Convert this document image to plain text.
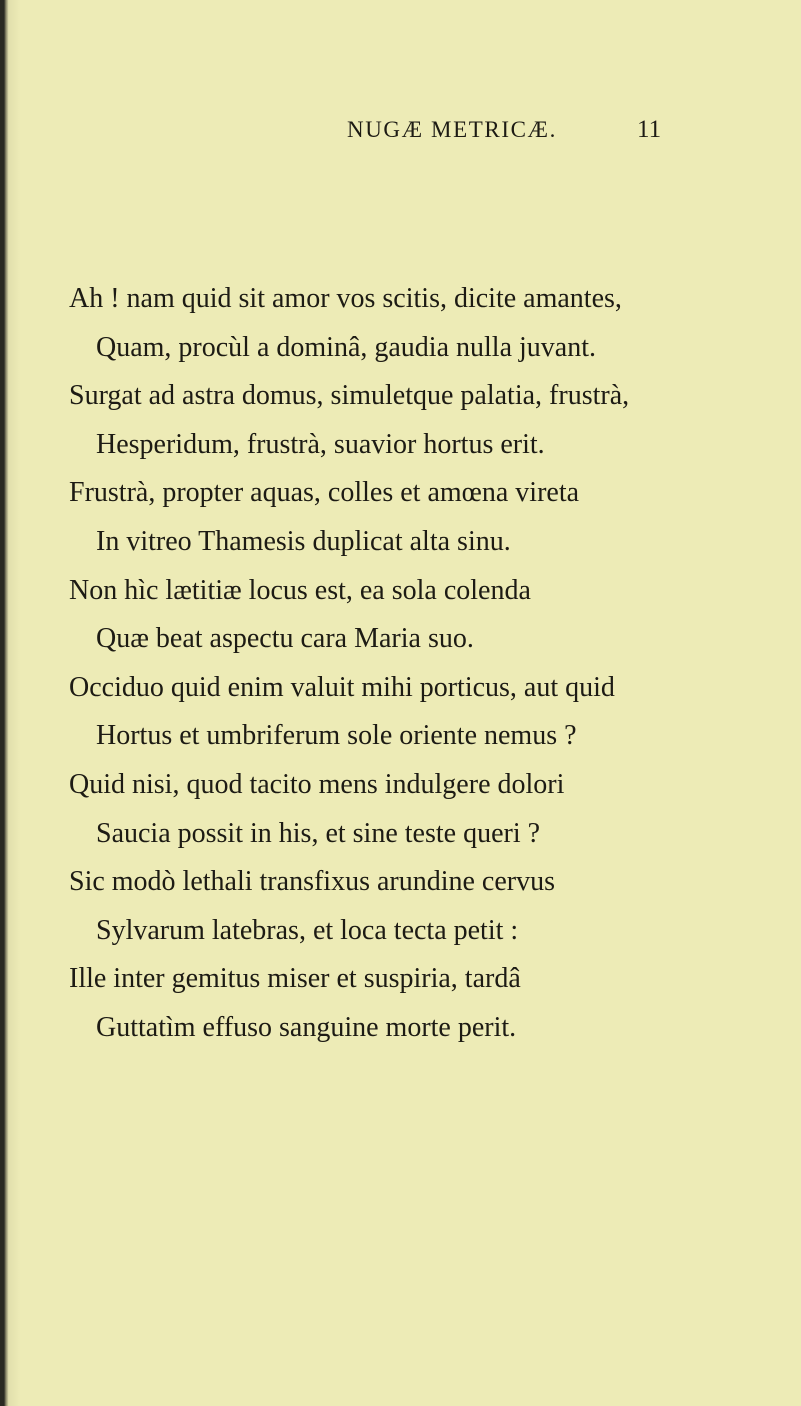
NUGÆ METRICÆ.	11
Ah ! nam quid sit amor vos scitis, dicite amantes,
Quam, procùl a dominâ, gaudia nulla juvant.
Surgat ad astra domus, simuletque palatia, frustrà,
Hesperidum, frustrà, suavior hortus erit.
Frustrà, propter aquas, colles et amœna vireta
In vitreo Thamesis duplicat alta sinu.
Non hìc lætitiæ locus est, ea sola colenda
Quæ beat aspectu cara Maria suo.
Occiduo quid enim valuit mihi porticus, aut quid
Hortus et umbriferum sole oriente nemus ?
Quid nisi, quod tacito mens indulgere dolori
Saucia possit in his, et sine teste queri ?
Sic modò lethali transfixus arundine cervus
Sylvarum latebras, et loca tecta petit :
Ille inter gemitus miser et suspiria, tardâ
Guttatìm effuso sanguine morte perit.
